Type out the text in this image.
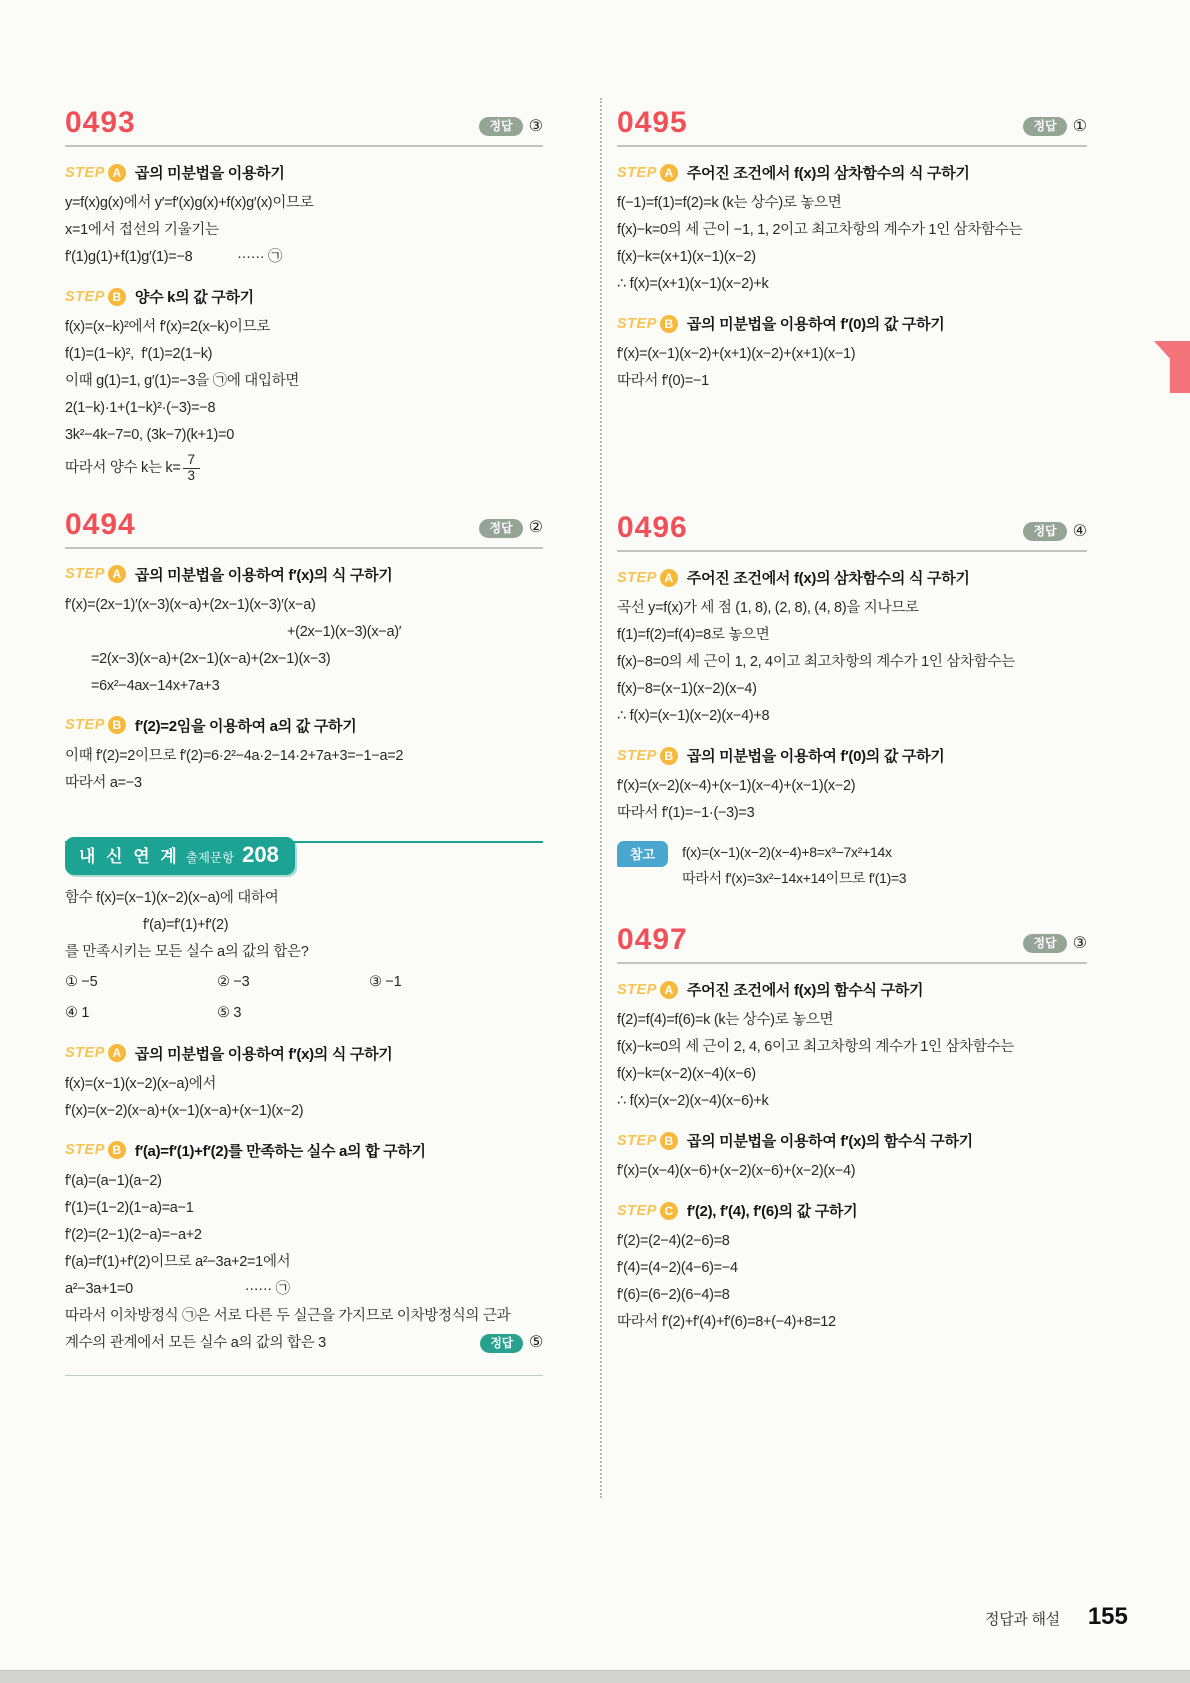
0493	정답	③
STEP A 곱의 미분법을 이용하기
y=f(x)g(x)에서 y′=f′(x)g(x)+f(x)g′(x)이므로
x=1에서 접선의 기울기는
f′(1)g(1)+f(1)g′(1)=−8            ······ ㉠
STEP B 양수 k의 값 구하기
f(x)=(x−k)²에서 f′(x)=2(x−k)이므로
f(1)=(1−k)²,  f′(1)=2(1−k)
이때 g(1)=1, g′(1)=−3을 ㉠에 대입하면
2(1−k)·1+(1−k)²·(−3)=−8
3k²−4k−7=0, (3k−7)(k+1)=0
따라서 양수 k는 $k= \frac{7}{3}$
0494	정답	②
STEP A 곱의 미분법을 이용하여 f′(x)의 식 구하기
f′(x)=(2x−1)′(x−3)(x−a)+(2x−1)(x−3)′(x−a)
+(2x−1)(x−3)(x−a)′
=2(x−3)(x−a)+(2x−1)(x−a)+(2x−1)(x−3)
=6x²−4ax−14x+7a+3
STEP B f′(2)=2임을 이용하여 a의 값 구하기
이때 f′(2)=2이므로 f′(2)=6·2²−4a·2−14·2+7a+3=−1−a=2
따라서 a=−3
내 신 연 계 출제문항 208
함수 f(x)=(x−1)(x−2)(x−a)에 대하여
f′(a)=f′(1)+f′(2)
를 만족시키는 모든 실수 a의 값의 합은?
① −5	② −3	③ −1
④ 1	⑤ 3
STEP A 곱의 미분법을 이용하여 f′(x)의 식 구하기
f(x)=(x−1)(x−2)(x−a)에서
f′(x)=(x−2)(x−a)+(x−1)(x−a)+(x−1)(x−2)
STEP B f′(a)=f′(1)+f′(2)를 만족하는 실수 a의 합 구하기
f′(a)=(a−1)(a−2)
f′(1)=(1−2)(1−a)=a−1
f′(2)=(2−1)(2−a)=−a+2
f′(a)=f′(1)+f′(2)이므로 a²−3a+2=1에서
a²−3a+1=0                              ······ ㉠
따라서 이차방정식 ㉠은 서로 다른 두 실근을 가지므로 이차방정식의 근과
계수의 관계에서 모든 실수 a의 값의 합은 3	정답	⑤
0495	정답	①
STEP A 주어진 조건에서 f(x)의 삼차함수의 식 구하기
f(−1)=f(1)=f(2)=k (k는 상수)로 놓으면
f(x)−k=0의 세 근이 −1, 1, 2이고 최고차항의 계수가 1인 삼차함수는
f(x)−k=(x+1)(x−1)(x−2)
∴ f(x)=(x+1)(x−1)(x−2)+k
STEP B 곱의 미분법을 이용하여 f′(0)의 값 구하기
f′(x)=(x−1)(x−2)+(x+1)(x−2)+(x+1)(x−1)
따라서 f′(0)=−1
0496	정답	④
STEP A 주어진 조건에서 f(x)의 삼차함수의 식 구하기
곡선 y=f(x)가 세 점 (1, 8), (2, 8), (4, 8)을 지나므로
f(1)=f(2)=f(4)=8로 놓으면
f(x)−8=0의 세 근이 1, 2, 4이고 최고차항의 계수가 1인 삼차함수는
f(x)−8=(x−1)(x−2)(x−4)
∴ f(x)=(x−1)(x−2)(x−4)+8
STEP B 곱의 미분법을 이용하여 f′(0)의 값 구하기
f′(x)=(x−2)(x−4)+(x−1)(x−4)+(x−1)(x−2)
따라서 f′(1)=−1·(−3)=3
참고	f(x)=(x−1)(x−2)(x−4)+8=x³−7x²+14x
따라서 f′(x)=3x²−14x+14이므로 f′(1)=3
0497	정답	③
STEP A 주어진 조건에서 f(x)의 함수식 구하기
f(2)=f(4)=f(6)=k (k는 상수)로 놓으면
f(x)−k=0의 세 근이 2, 4, 6이고 최고차항의 계수가 1인 삼차함수는
f(x)−k=(x−2)(x−4)(x−6)
∴ f(x)=(x−2)(x−4)(x−6)+k
STEP B 곱의 미분법을 이용하여 f′(x)의 함수식 구하기
f′(x)=(x−4)(x−6)+(x−2)(x−6)+(x−2)(x−4)
STEP C f′(2), f′(4), f′(6)의 값 구하기
f′(2)=(2−4)(2−6)=8
f′(4)=(4−2)(4−6)=−4
f′(6)=(6−2)(6−4)=8
따라서 f′(2)+f′(4)+f′(6)=8+(−4)+8=12
정답과 해설 155
